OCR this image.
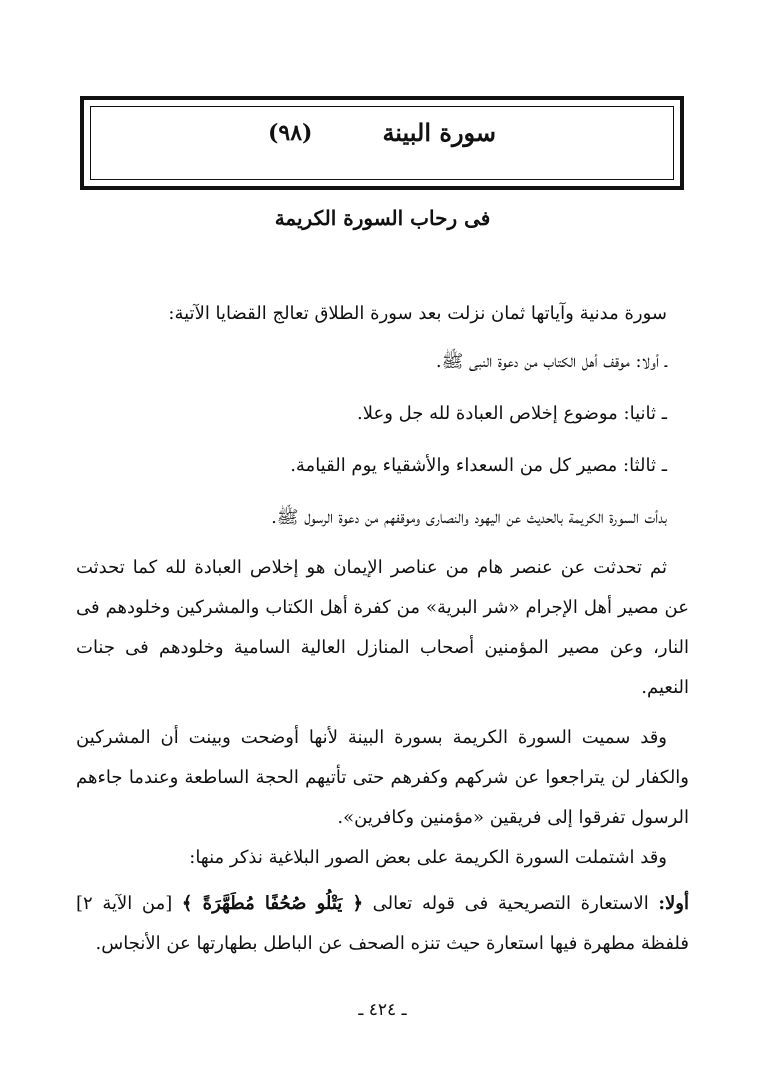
سورة البينة
(٩٨)
فى رحاب السورة الكريمة

سورة مدنية وآياتها ثمان نزلت بعد سورة الطلاق تعالج القضايا الآتية:

ـ أولا: موقف أهل الكتاب من دعوة النبى ﷺ.

ـ ثانيا: موضوع إخلاص العبادة لله جل وعلا.

ـ ثالثا: مصير كل من السعداء والأشقياء يوم القيامة.

بدأت السورة الكريمة بالحديث عن اليهود والنصارى وموقفهم من دعوة الرسول ﷺ.

ثم تحدثت عن عنصر هام من عناصر الإيمان هو إخلاص العبادة لله كما تحدثت عن مصير أهل الإجرام «شر البرية» من كفرة أهل الكتاب والمشركين وخلودهم فى النار، وعن مصير المؤمنين أصحاب المنازل العالية السامية وخلودهم فى جنات النعيم.

وقد سميت السورة الكريمة بسورة البينة لأنها أوضحت وبينت أن المشركين والكفار لن يتراجعوا عن شركهم وكفرهم حتى تأتيهم الحجة الساطعة وعندما جاءهم الرسول تفرقوا إلى فريقين «مؤمنين وكافرين».

وقد اشتملت السورة الكريمة على بعض الصور البلاغية نذكر منها:

أولا: الاستعارة التصريحية فى قوله تعالى ﴿ يَتْلُو صُحُفًا مُطَهَّرَةً ﴾ [من الآية ٢] فلفظة مطهرة فيها استعارة حيث تنزه الصحف عن الباطل بطهارتها عن الأنجاس.

ـ ٤٢٤ ـ
